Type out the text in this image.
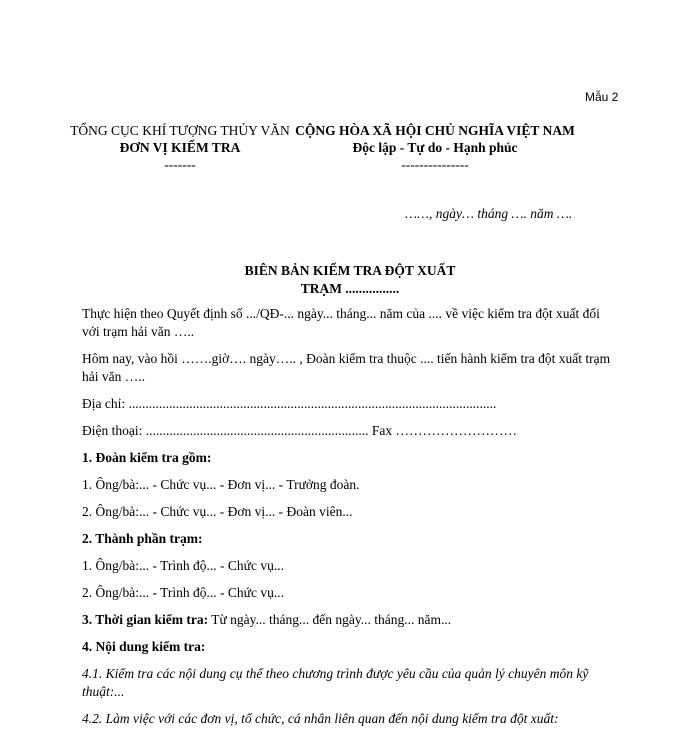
Mẫu 2
TỔNG CỤC KHÍ TƯỢNG THỦY VĂN
ĐƠN VỊ KIỂM TRA
-------
CỘNG HÒA XÃ HỘI CHỦ NGHĨA VIỆT NAM
Độc lập - Tự do - Hạnh phúc
---------------
……, ngày… tháng …. năm ….
BIÊN BẢN KIỂM TRA ĐỘT XUẤT
TRẠM ................

Thực hiện theo Quyết định số .../QĐ-... ngày... tháng... năm của .... về việc kiểm tra đột xuất đối với trạm hải văn …..

Hôm nay, vào hồi …….giờ…. ngày….. , Đoàn kiểm tra thuộc .... tiến hành kiểm tra đột xuất trạm hải văn …..

Địa chỉ: .............................................................................................................

Điện thoại: .................................................................. Fax ………………………

1. Đoàn kiểm tra gồm:

1. Ông/bà:... - Chức vụ... - Đơn vị... - Trưởng đoàn.

2. Ông/bà:... - Chức vụ... - Đơn vị... - Đoàn viên...

2. Thành phần trạm:

1. Ông/bà:... - Trình độ... - Chức vụ...

2. Ông/bà:... - Trình độ... - Chức vụ...

3. Thời gian kiểm tra: Từ ngày... tháng... đến ngày... tháng... năm...

4. Nội dung kiểm tra:

4.1. Kiểm tra các nội dung cụ thể theo chương trình được yêu cầu của quản lý chuyên môn kỹ thuật:...

4.2. Làm việc với các đơn vị, tổ chức, cá nhân liên quan đến nội dung kiểm tra đột xuất:
